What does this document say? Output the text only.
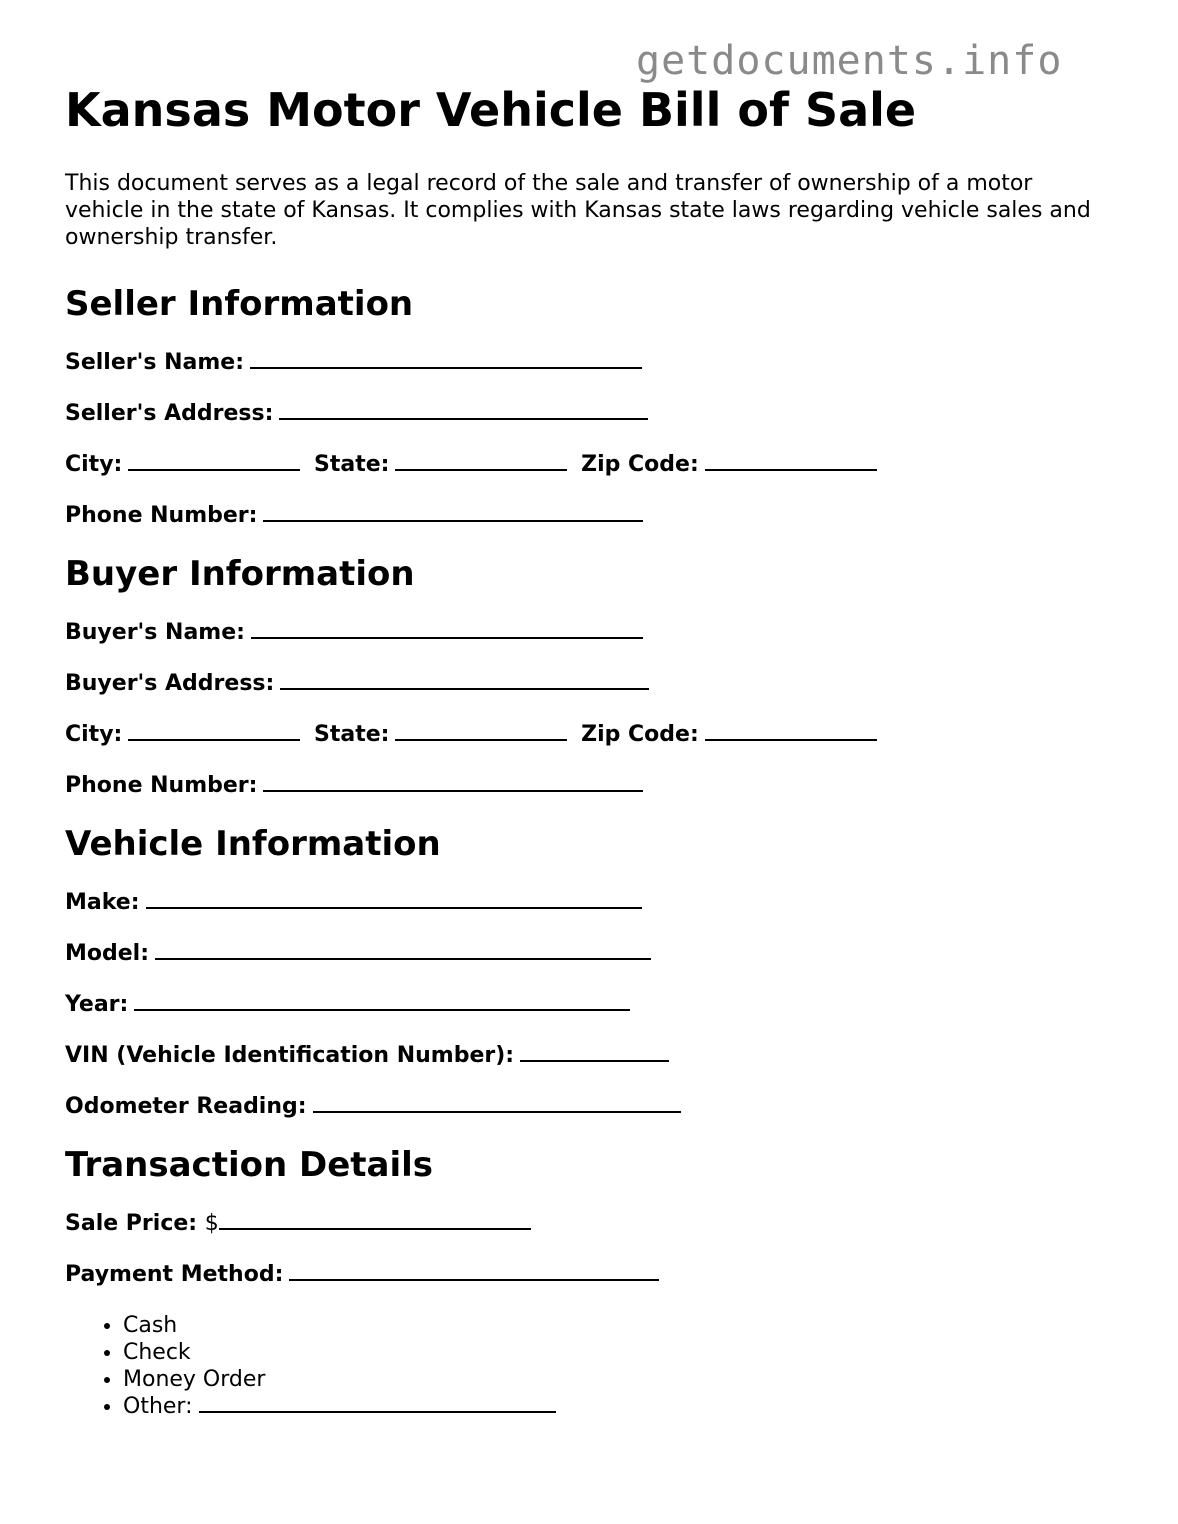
getdocuments.info
Kansas Motor Vehicle Bill of Sale

This document serves as a legal record of the sale and transfer of ownership of a motor vehicle in the state of Kansas. It complies with Kansas state laws regarding vehicle sales and ownership transfer.

Seller Information
Seller's Name:
Seller's Address:
City:	State:	Zip Code:
Phone Number:
Buyer Information
Buyer's Name:
Buyer's Address:
City:	State:	Zip Code:
Phone Number:
Vehicle Information
Make:
Model:
Year:
VIN (Vehicle Identification Number):
Odometer Reading:
Transaction Details
Sale Price: $
Payment Method:
• Cash
• Check
• Money Order
• Other:
